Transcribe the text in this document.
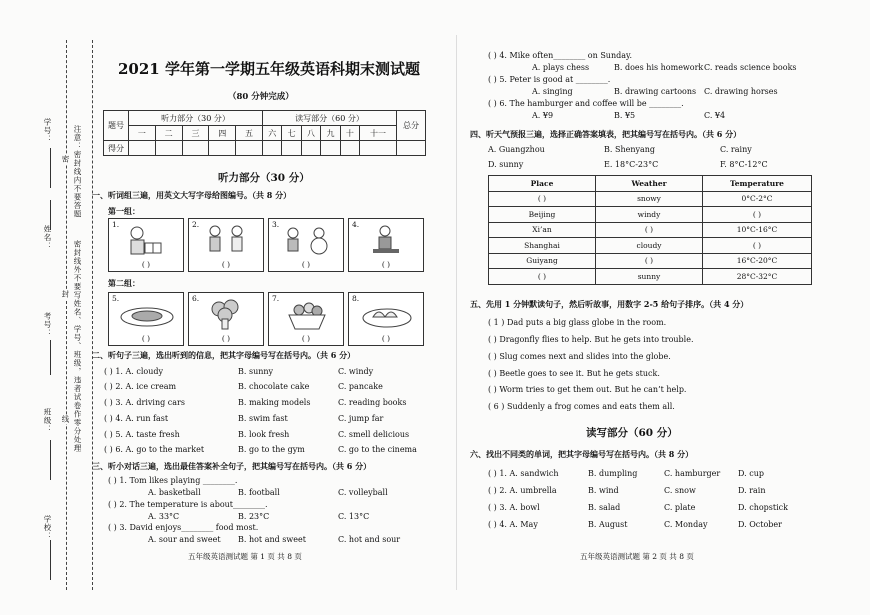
注意：密封线内不要答题
密封线外不要写姓名、学号、班级，违者试卷作零分处理
密
封
线
学号：
姓名：
考号：
班级：
学校：
2021 学年第一学期五年级英语科期末测试题
（80 分钟完成）
题号	听力部分（30 分）					读写部分（60 分）						总分
	一	二	三	四	五	六	七	八	九	十	十一	
得分												
听力部分（30 分）
一、听词组三遍，用英文大写字母给图编号。（共 8 分）
第一组：
1.
( )
2.
( )
3.
( )
4.
( )
第二组：
5.
( )
6.
( )
7.
( )
8.
( )
二、听句子三遍，选出听到的信息，把其字母编号写在括号内。（共 6 分）
( ) 1. A. cloudy	B. sunny	C. windy
( ) 2. A. ice cream	B. chocolate cake	C. pancake
( ) 3. A. driving cars	B. making models	C. reading books
( ) 4. A. run fast	B. swim fast	C. jump far
( ) 5. A. taste fresh	B. look fresh	C. smell delicious
( ) 6. A. go to the market	B. go to the gym	C. go to the cinema
三、听小对话三遍，选出最佳答案补全句子，把其编号写在括号内。（共 6 分）
( ) 1. Tom likes playing ________.
A. basketball	B. football	C. volleyball
( ) 2. The temperature is about________.
A. 33°C	B. 23°C	C. 13°C
( ) 3. David enjoys________ food most.
A. sour and sweet B. hot and sweet	C. hot and sour
五年级英语测试题 第 1 页 共 8 页
( ) 4. Mike often________ on Sunday.
A. plays chess	B. does his homework C. reads science books
( ) 5. Peter is good at ________.
A. singing	B. drawing cartoons C. drawing horses
( ) 6. The hamburger and coffee will be ________.
A. ¥9	B. ¥5	C. ¥4
四、听天气预报三遍，选择正确答案填表，把其编号写在括号内。（共 6 分）
A. Guangzhou	B. Shenyang	C. rainy
D. sunny	E. 18°C-23°C	F. 8°C-12°C
Place	Weather	Temperature
( )	snowy	0°C-2°C
Beijing	windy	( )
Xi’an	( )	10°C-16°C
Shanghai	cloudy	( )
Guiyang	( )	16°C-20°C
( )	sunny	28°C-32°C
五、先用 1 分钟默读句子，然后听故事，用数字 2-5 给句子排序。（共 4 分）
( 1 ) Dad puts a big glass globe in the room.
( ) Dragonfly flies to help. But he gets into trouble.
( ) Slug comes next and slides into the globe.
( ) Beetle goes to see it. But he gets stuck.
( ) Worm tries to get them out. But he can’t help.
( 6 ) Suddenly a frog comes and eats them all.
读写部分（60 分）
六、找出不同类的单词，把其字母编号写在括号内。（共 8 分）
( ) 1. A. sandwich	B. dumpling	C. hamburger D. cup
( ) 2. A. umbrella	B. wind	C. snow	D. rain
( ) 3. A. bowl	B. salad	C. plate	D. chopstick
( ) 4. A. May	B. August	C. Monday	D. October
五年级英语测试题 第 2 页 共 8 页
